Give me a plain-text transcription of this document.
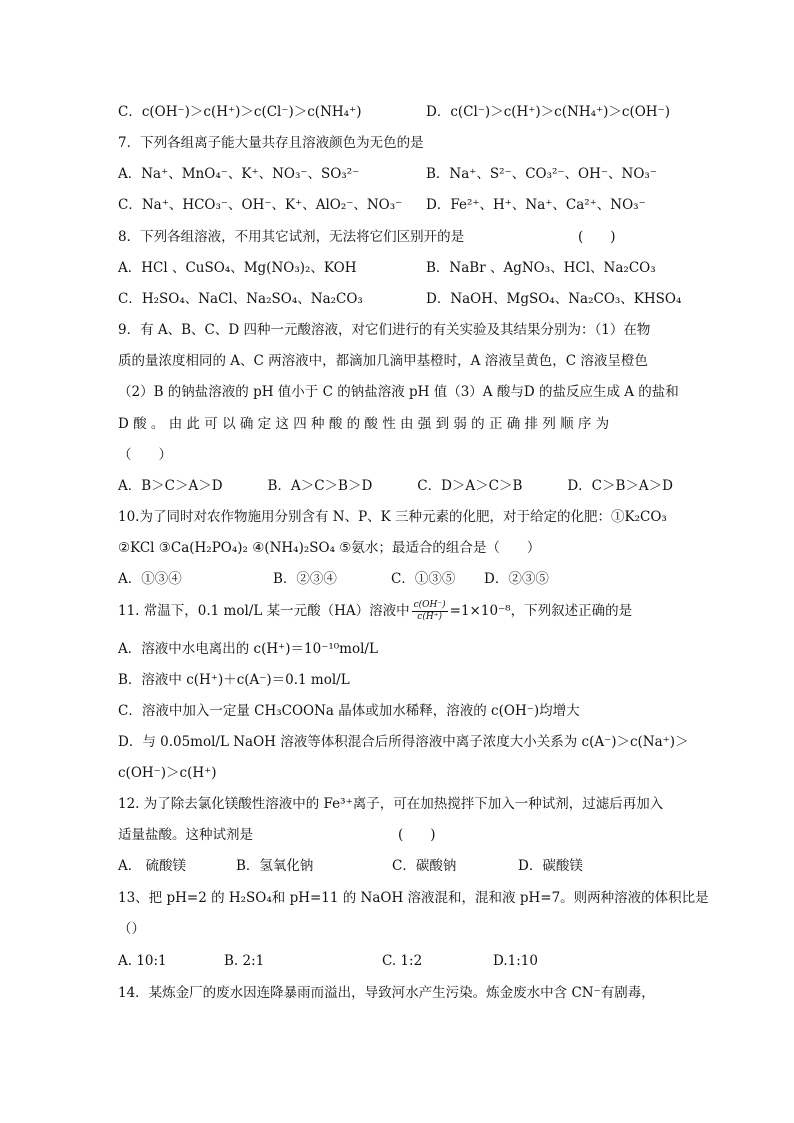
C．c(OH⁻)＞c(H⁺)＞c(Cl⁻)＞c(NH₄⁺)	D．c(Cl⁻)＞c(H⁺)＞c(NH₄⁺)＞c(OH⁻)
7．下列各组离子能大量共存且溶液颜色为无色的是
A．Na⁺、MnO₄⁻、K⁺、NO₃⁻、SO₃²⁻	B．Na⁺、S²⁻、CO₃²⁻、OH⁻、NO₃⁻
C．Na⁺、HCO₃⁻、OH⁻、K⁺、AlO₂⁻、NO₃⁻ D．Fe²⁺、H⁺、Na⁺、Ca²⁺、NO₃⁻
8．下列各组溶液，不用其它试剂，无法将它们区别开的是	(　　)
A．HCl 、CuSO₄、Mg(NO₃)₂、KOH	B．NaBr 、AgNO₃、HCl、Na₂CO₃
C．H₂SO₄、NaCl、Na₂SO₄、Na₂CO₃	D．NaOH、MgSO₄、Na₂CO₃、KHSO₄
9．有 A、B、C、D 四种一元酸溶液，对它们进行的有关实验及其结果分别为：（1）在物
质的量浓度相同的 A、C 两溶液中，都滴加几滴甲基橙时，A 溶液呈黄色，C 溶液呈橙色
（2）B 的钠盐溶液的 pH 值小于 C 的钠盐溶液 pH 值（3）A 酸与D 的盐反应生成 A 的盐和
D 酸 。 由 此 可 以 确 定 这 四 种 酸 的 酸 性 由 强 到 弱 的 正 确 排 列 顺 序 为
（　　）
A．B＞C＞A＞D	B．A＞C＞B＞D	C．D＞A＞C＞B	D．C＞B＞A＞D
10.为了同时对农作物施用分别含有 N、P、K 三种元素的化肥，对于给定的化肥：①K₂CO₃
②KCl ③Ca(H₂PO₄)₂ ④(NH₄)₂SO₄ ⑤氨水；最适合的组合是（　　）
A．①③④	B．②③④	C．①③⑤ D．②③⑤
11. 常温下，0.1 mol/L 某一元酸（HA）溶液中 $\frac{c(OH^-)}{c(H^+)} =1\times 10^{-8}$，下列叙述正确的是
A．溶液中水电离出的 c(H⁺)＝10⁻¹⁰mol/L
B．溶液中 c(H⁺)＋c(A⁻)＝0.1 mol/L
C．溶液中加入一定量 CH₃COONa 晶体或加水稀释，溶液的 c(OH⁻)均增大
D．与 0.05mol/L NaOH 溶液等体积混合后所得溶液中离子浓度大小关系为 c(A⁻)＞c(Na⁺)＞
c(OH⁻)＞c(H⁺)
12. 为了除去氯化镁酸性溶液中的 Fe³⁺离子，可在加热搅拌下加入一种试剂，过滤后再加入
适量盐酸。这种试剂是	(　　)
A． 硫酸镁	B．氢氧化钠	C．碳酸钠	D．碳酸镁
13、把 pH=2 的 H₂SO₄和 pH=11 的 NaOH 溶液混和，混和液 pH=7。则两种溶液的体积比是
（）
A. 10:1	B. 2:1	C. 1:2	D.1:10
14．某炼金厂的废水因连降暴雨而溢出，导致河水产生污染。炼金废水中含 CN⁻有剧毒，
